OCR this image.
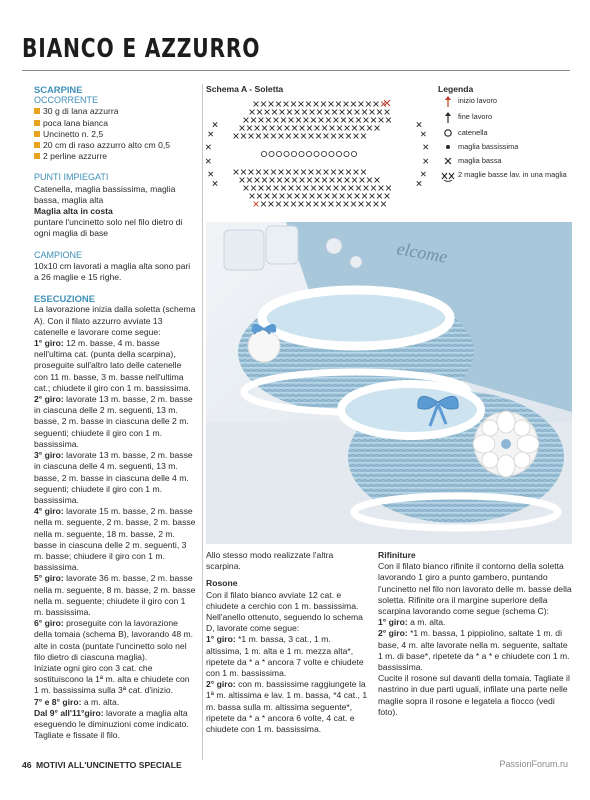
BIANCO E AZZURRO

SCARPINE

OCCORRENTE

30 g di lana azzurra

poca lana bianca

Uncinetto n. 2,5

20 cm di raso azzurro alto cm 0,5

2 perline azzurre

PUNTI IMPIEGATI

Catenella, maglia bassissima, maglia bassa, maglia alta

Maglia alta in costa

puntare l'uncinetto solo nel filo dietro di ogni maglia di base

CAMPIONE

10x10 cm lavorati a maglia alta sono pari a 26 maglie e 15 righe.

ESECUZIONE

La lavorazione inizia dalla soletta (schema A). Con il filato azzurro avviate 13 catenelle e lavorare come segue:

1° giro: 12 m. basse, 4 m. basse nell'ultima cat. (punta della scarpina), proseguite sull'altro lato delle catenelle con 11 m. basse, 3 m. basse nell'ultima cat.; chiudete il giro con 1 m. bassissima.

2° giro: lavorate 13 m. basse, 2 m. basse in ciascuna delle 2 m. seguenti, 13 m. basse, 2 m. basse in ciascuna delle 2 m. seguenti; chiudete il giro con 1 m. bassissima.

3° giro: lavorate 13 m. basse, 2 m. basse in ciascuna delle 4 m. seguenti, 13 m. basse, 2 m. basse in ciascuna delle 4 m. seguenti; chiudete il giro con 1 m. bassissima.

4° giro: lavorate 15 m. basse, 2 m. basse nella m. seguente, 2 m. basse, 2 m. basse nella m. seguente, 18 m. basse, 2 m. basse in ciascuna delle 2 m. seguenti, 3 m. basse; chiudere il giro con 1 m. bassissima.

5° giro: lavorate 36 m. basse, 2 m. basse nella m. seguente, 8 m. basse, 2 m. basse nella m. seguente; chiudete il giro con 1 m. bassissima.

6° giro: proseguite con la lavorazione della tomaia (schema B), lavorando 48 m. alte in costa (puntate l'uncinetto solo nel filo dietro di ciascuna maglia).

Iniziate ogni giro con 3 cat. che sostituiscono la 1ª m. alta e chiudete con 1 m. bassissima sulla 3ª cat. d'inizio.

7° e 8° giro: a m. alta.

Dal 9° all'11°giro: lavorate a maglia alta eseguendo le diminuzioni come indicato.

Tagliate e fissate il filo.

Schema A - Soletta	Legenda
inizio lavoro
fine lavoro
catenella
maglia bassissima
maglia bassa
2 maglie basse lav. in una maglia
elcome

Allo stesso modo realizzate l'altra scarpina.

Rosone

Con il filato bianco avviate 12 cat. e chiudete a cerchio con 1 m. bassissima. Nell'anello ottenuto, seguendo lo schema D, lavorate come segue:

1° giro: *1 m. bassa, 3 cat., 1 m. altissima, 1 m. alta e 1 m. mezza alta*, ripetete da * a * ancora 7 volte e chiudete con 1 m. bassissima.

2° giro: con m. bassissime raggiungete la 1ª m. altissima e lav. 1 m. bassa, *4 cat., 1 m. bassa sulla m. altissima seguente*, ripetete da * a * ancora 6 volte, 4 cat. e chiudete con 1 m. bassissima.

Rifiniture

Con il filato bianco rifinite il contorno della soletta lavorando 1 giro a punto gambero, puntando l'uncinetto nel filo non lavorato delle m. basse della soletta. Rifinite ora il margine superiore della scarpina lavorando come segue (schema C):

1° giro: a m. alta.

2° giro: *1 m. bassa, 1 pippiolino, saltate 1 m. di base, 4 m. alte lavorate nella m. seguente, saltate 1 m. di base*, ripetete da * a * e chiudete con 1 m. bassissima.

Cucite il rosone sul davanti della tomaia. Tagliate il nastrino in due parti uguali, infilate una parte nelle maglie sopra il rosone e legatela a fiocco (vedi foto).

46 MOTIVI ALL'UNCINETTO SPECIALE	PassionForum.ru
